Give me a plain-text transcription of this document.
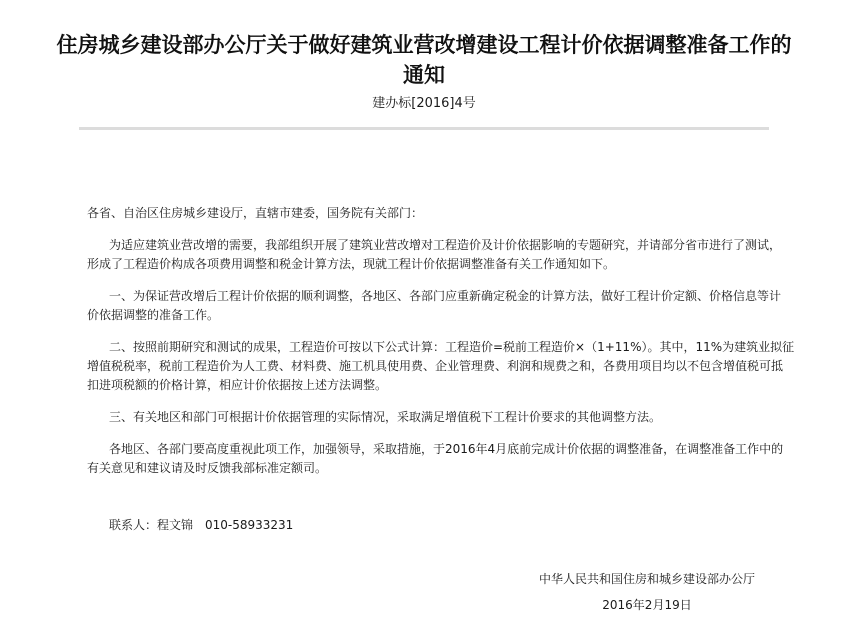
住房城乡建设部办公厅关于做好建筑业营改增建设工程计价依据调整准备工作的
通知
建办标[2016]4号

各省、自治区住房城乡建设厅，直辖市建委，国务院有关部门：

为适应建筑业营改增的需要，我部组织开展了建筑业营改增对工程造价及计价依据影响的专题研究，并请部分省市进行了测试，

形成了工程造价构成各项费用调整和税金计算方法，现就工程计价依据调整准备有关工作通知如下。

一、为保证营改增后工程计价依据的顺利调整，各地区、各部门应重新确定税金的计算方法，做好工程计价定额、价格信息等计

价依据调整的准备工作。

二、按照前期研究和测试的成果，工程造价可按以下公式计算：工程造价=税前工程造价×（1+11%）。其中，11%为建筑业拟征

增值税税率，税前工程造价为人工费、材料费、施工机具使用费、企业管理费、利润和规费之和，各费用项目均以不包含增值税可抵

扣进项税额的价格计算，相应计价依据按上述方法调整。

三、有关地区和部门可根据计价依据管理的实际情况，采取满足增值税下工程计价要求的其他调整方法。

各地区、各部门要高度重视此项工作，加强领导，采取措施，于2016年4月底前完成计价依据的调整准备，在调整准备工作中的

有关意见和建议请及时反馈我部标准定额司。

联系人：程文锦　010-58933231
中华人民共和国住房和城乡建设部办公厅
2016年2月19日
